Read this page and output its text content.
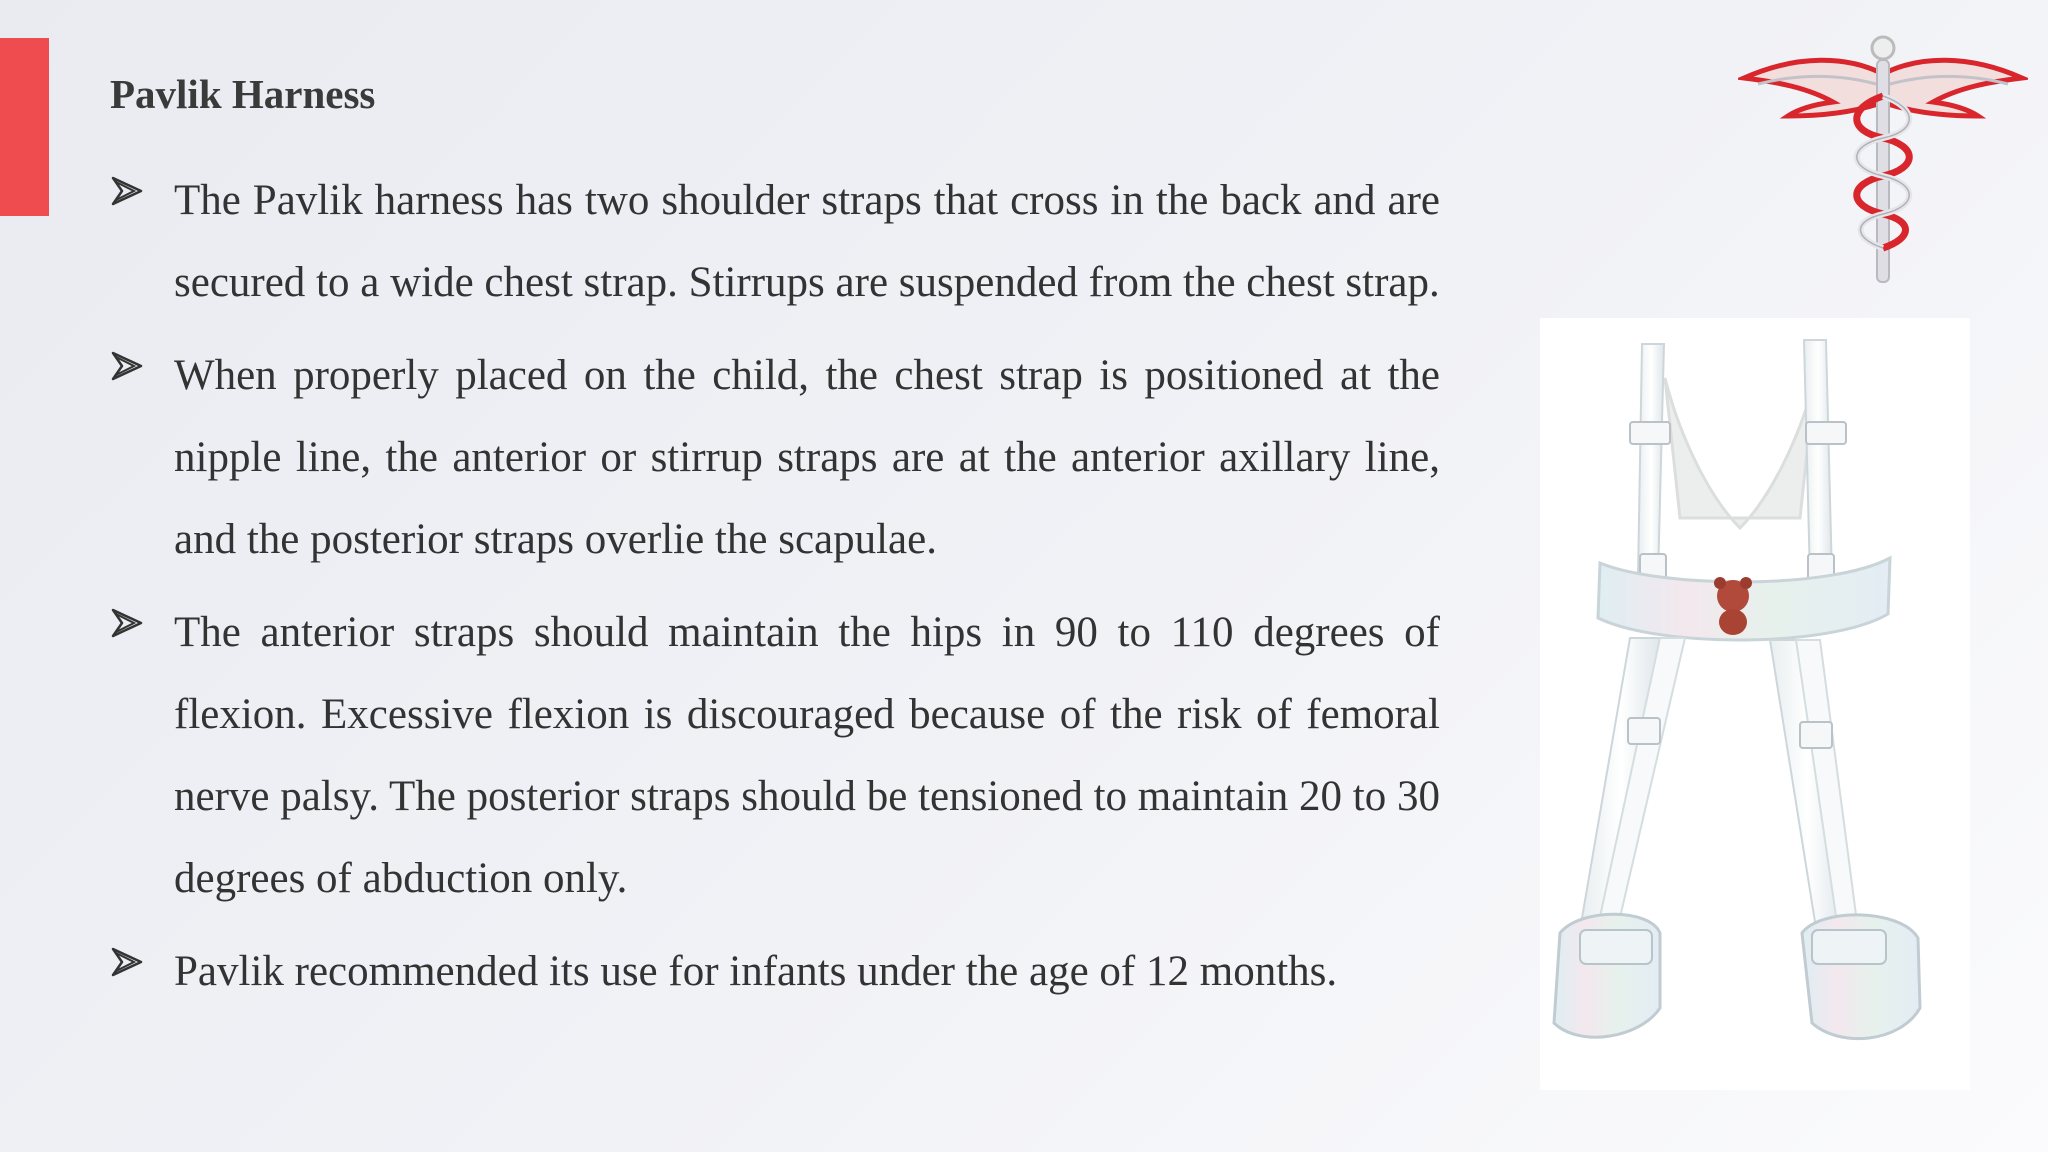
Pavlik Harness
The Pavlik harness has two shoulder straps that cross in the back and are secured to a wide chest strap. Stirrups are suspended from the chest strap.
When properly placed on the child, the chest strap is positioned at the nipple line, the anterior or stirrup straps are at the anterior axillary line, and the posterior straps overlie the scapulae.
The anterior straps should maintain the hips in 90 to 110 degrees of flexion. Excessive flexion is discouraged because of the risk of femoral nerve palsy. The posterior straps should be tensioned to maintain 20 to 30 degrees of abduction only.
Pavlik recommended its use for infants under the age of 12 months.
